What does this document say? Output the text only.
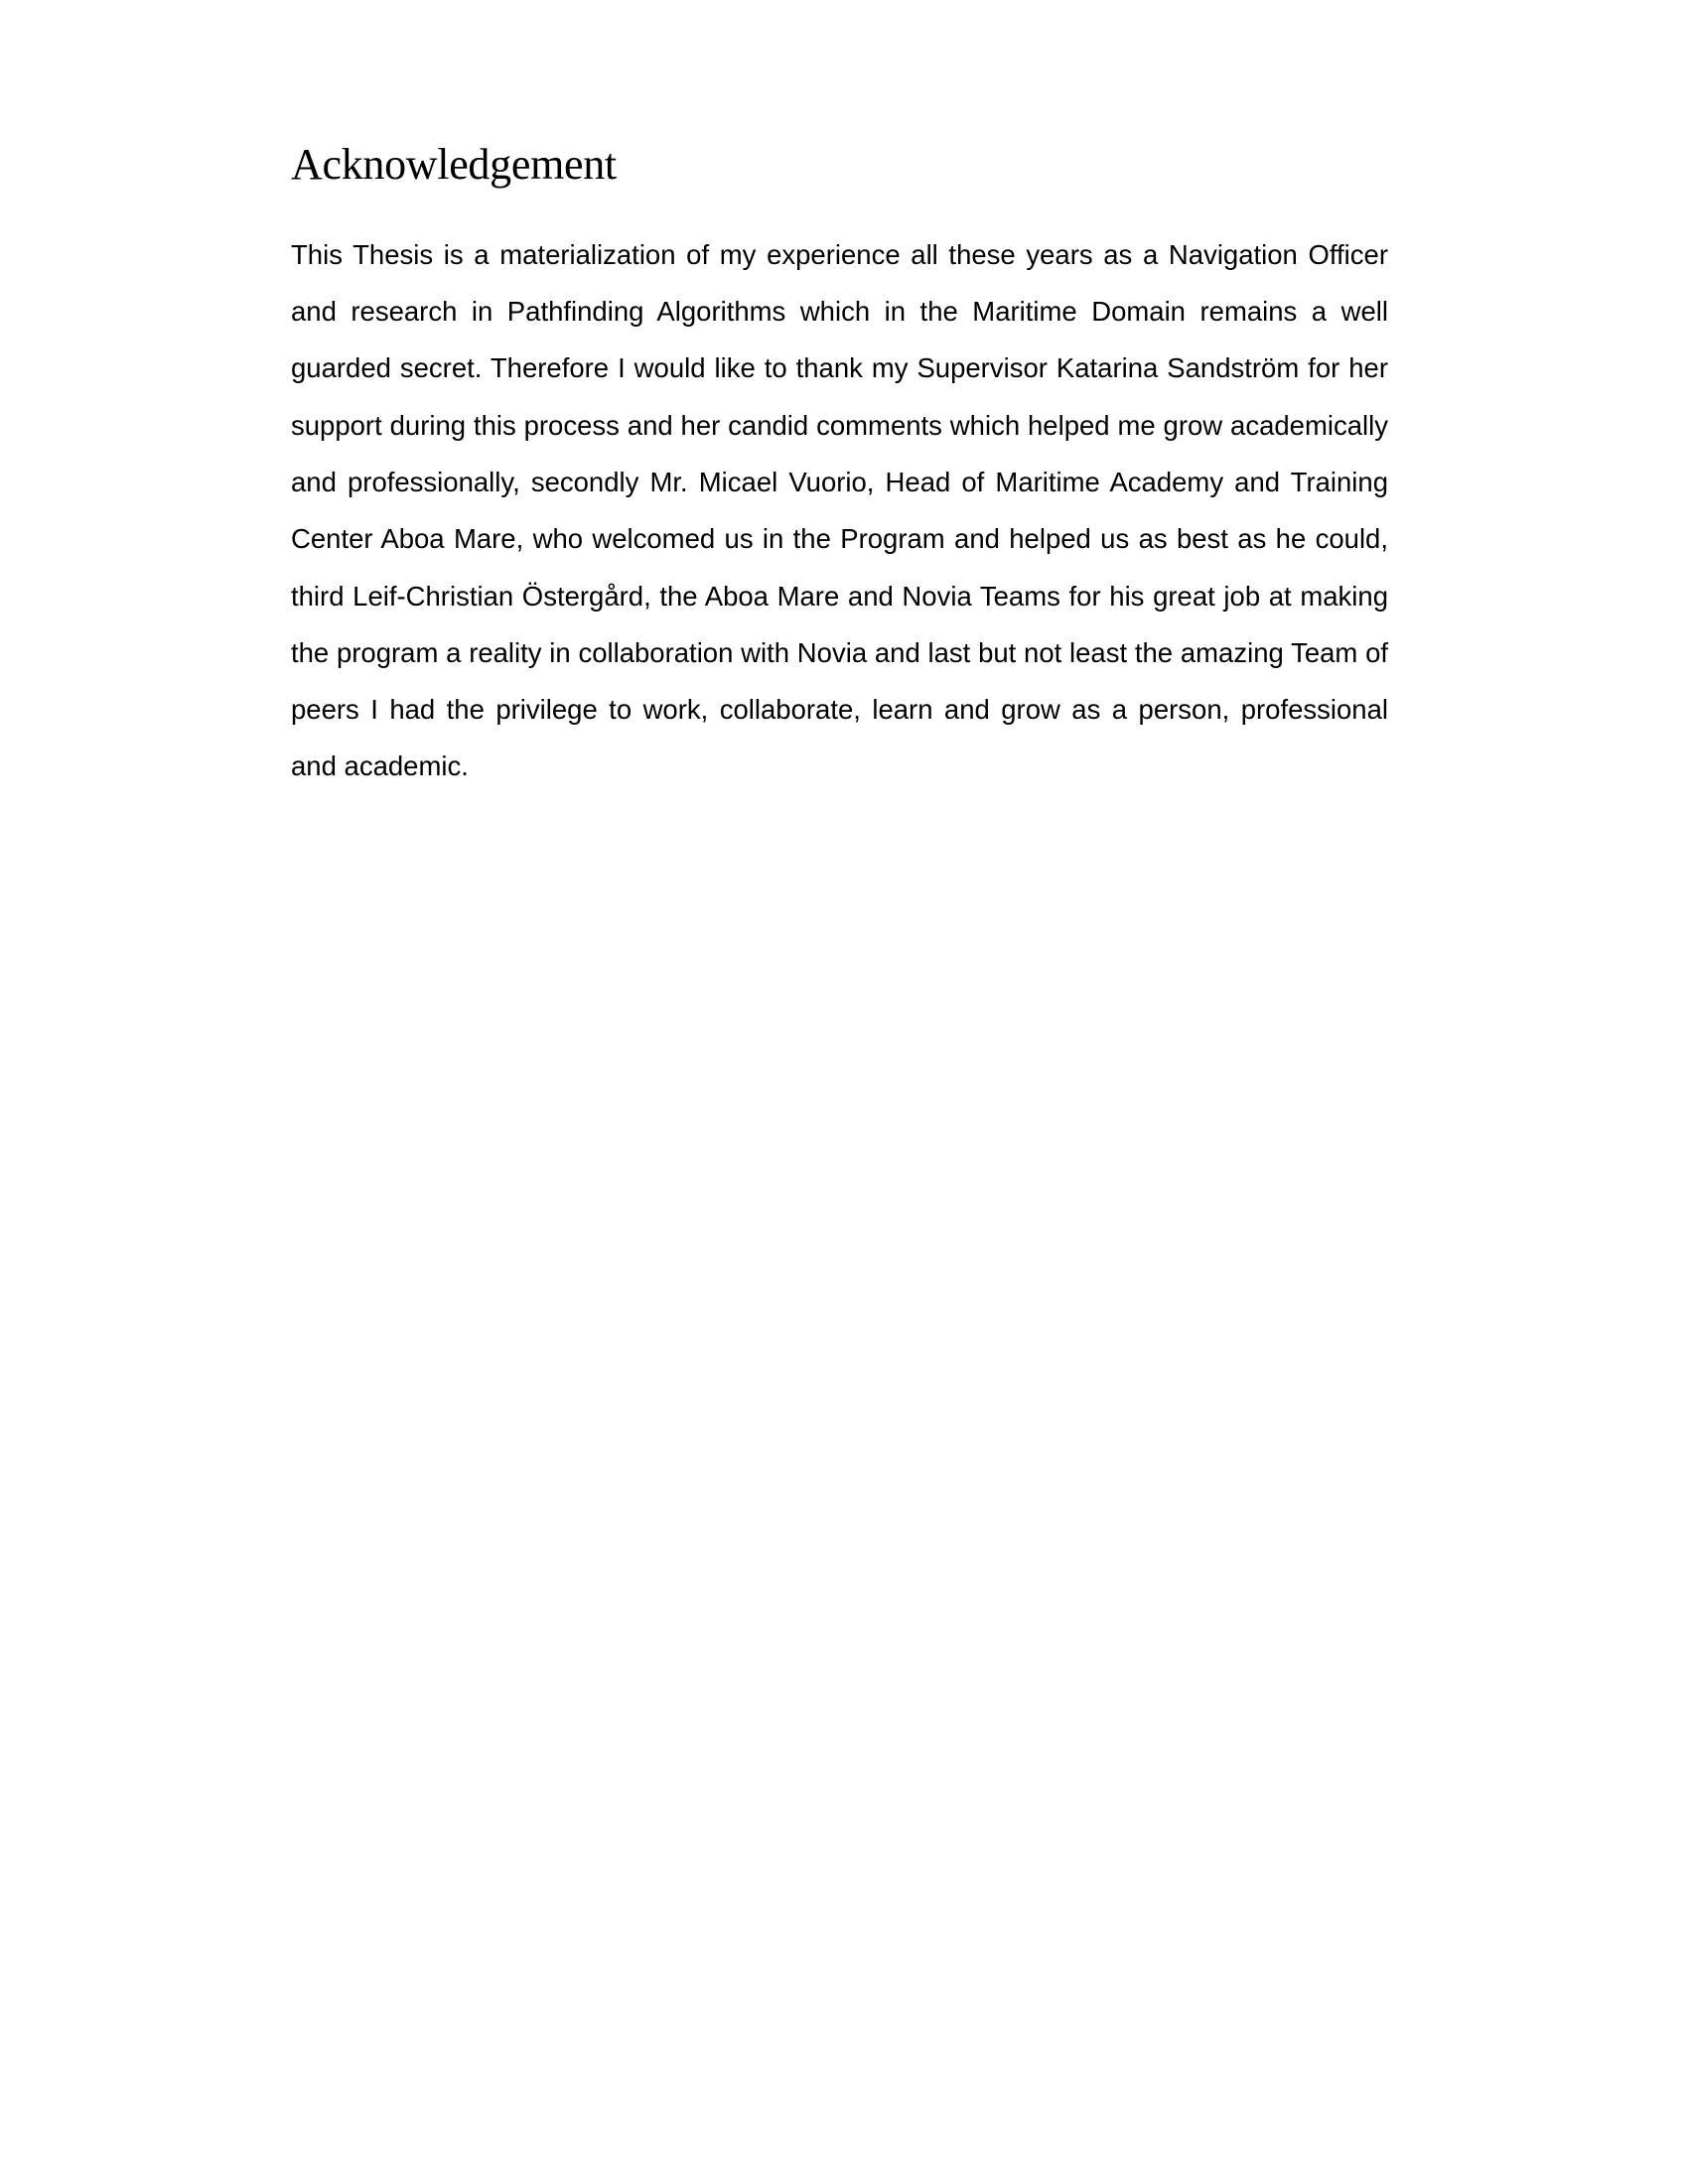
Acknowledgement

This Thesis is a materialization of my experience all these years as a Navigation Officer and research in Pathfinding Algorithms which in the Maritime Domain remains a well guarded secret. Therefore I would like to thank my Supervisor Katarina Sandström for her support during this process and her candid comments which helped me grow academically and professionally, secondly Mr. Micael Vuorio, Head of Maritime Academy and Training Center Aboa Mare, who welcomed us in the Program and helped us as best as he could, third Leif-Christian Östergård, the Aboa Mare and Novia Teams for his great job at making the program a reality in collaboration with Novia and last but not least the amazing Team of peers I had the privilege to work, collaborate, learn and grow as a person, professional and academic.
